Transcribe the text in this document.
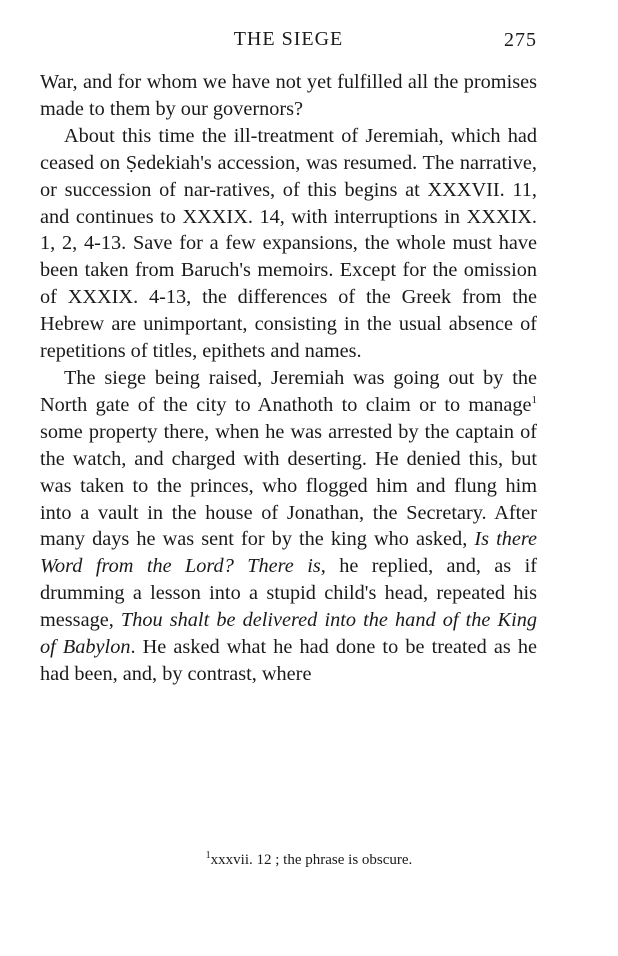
THE SIEGE	275

War, and for whom we have not yet fulfilled all the promises made to them by our governors?

About this time the ill-treatment of Jeremiah, which had ceased on Ṣedekiah's accession, was resumed. The narrative, or succession of nar-ratives, of this begins at XXXVII. 11, and continues to XXXIX. 14, with interruptions in XXXIX. 1, 2, 4-13. Save for a few expansions, the whole must have been taken from Baruch's memoirs. Except for the omission of XXXIX. 4-13, the differences of the Greek from the Hebrew are unimportant, consisting in the usual absence of repetitions of titles, epithets and names.

The siege being raised, Jeremiah was going out by the North gate of the city to Anathoth to claim or to manage$^1$ some property there, when he was arrested by the captain of the watch, and charged with deserting. He denied this, but was taken to the princes, who flogged him and flung him into a vault in the house of Jonathan, the Secretary. After many days he was sent for by the king who asked, Is there Word from the Lord? There is, he replied, and, as if drumming a lesson into a stupid child's head, repeated his message, Thou shalt be delivered into the hand of the King of Babylon. He asked what he had done to be treated as he had been, and, by contrast, where

$^1$xxxvii. 12 ; the phrase is obscure.
